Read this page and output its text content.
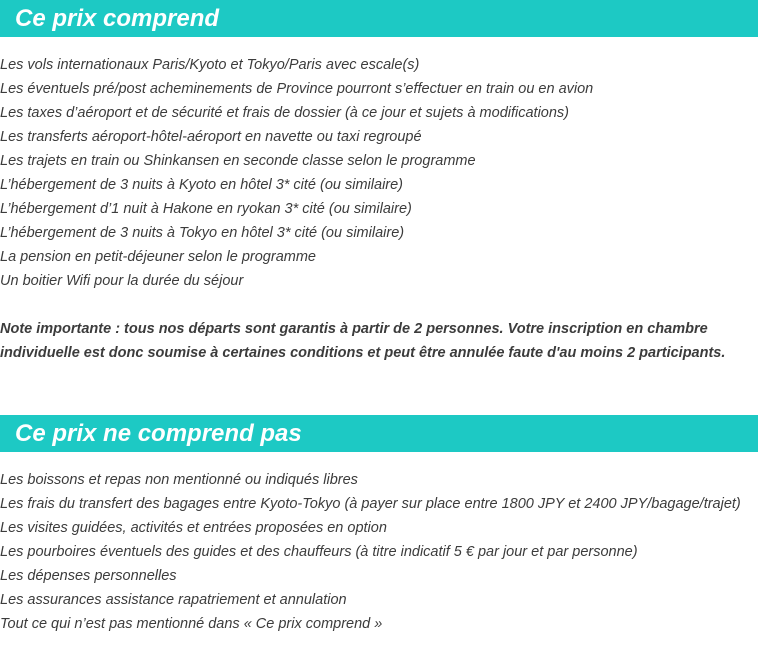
Ce prix comprend
Les vols internationaux Paris/Kyoto et Tokyo/Paris avec escale(s)
Les éventuels pré/post acheminements de Province pourront s’effectuer en train ou en avion
Les taxes d’aéroport et de sécurité et frais de dossier (à ce jour et sujets à modifications)
Les transferts aéroport-hôtel-aéroport en navette ou taxi regroupé
Les trajets en train ou Shinkansen en seconde classe selon le programme
L’hébergement de 3 nuits à Kyoto en hôtel 3* cité (ou similaire)
L’hébergement d’1 nuit à Hakone en ryokan 3* cité (ou similaire)
L’hébergement de 3 nuits à Tokyo en hôtel 3* cité (ou similaire)
La pension en petit-déjeuner selon le programme
Un boitier Wifi pour la durée du séjour
Note importante : tous nos départs sont garantis à partir de 2 personnes. Votre inscription en chambre individuelle est donc soumise à certaines conditions et peut être annulée faute d'au moins 2 participants.
Ce prix ne comprend pas
Les boissons et repas non mentionné ou indiqués libres
Les frais du transfert des bagages entre Kyoto-Tokyo (à payer sur place entre 1800 JPY et 2400 JPY/bagage/trajet)
Les visites guidées, activités et entrées proposées en option
Les pourboires éventuels des guides et des chauffeurs (à titre indicatif 5 € par jour et par personne)
Les dépenses personnelles
Les assurances assistance rapatriement et annulation
Tout ce qui n’est pas mentionné dans « Ce prix comprend »
